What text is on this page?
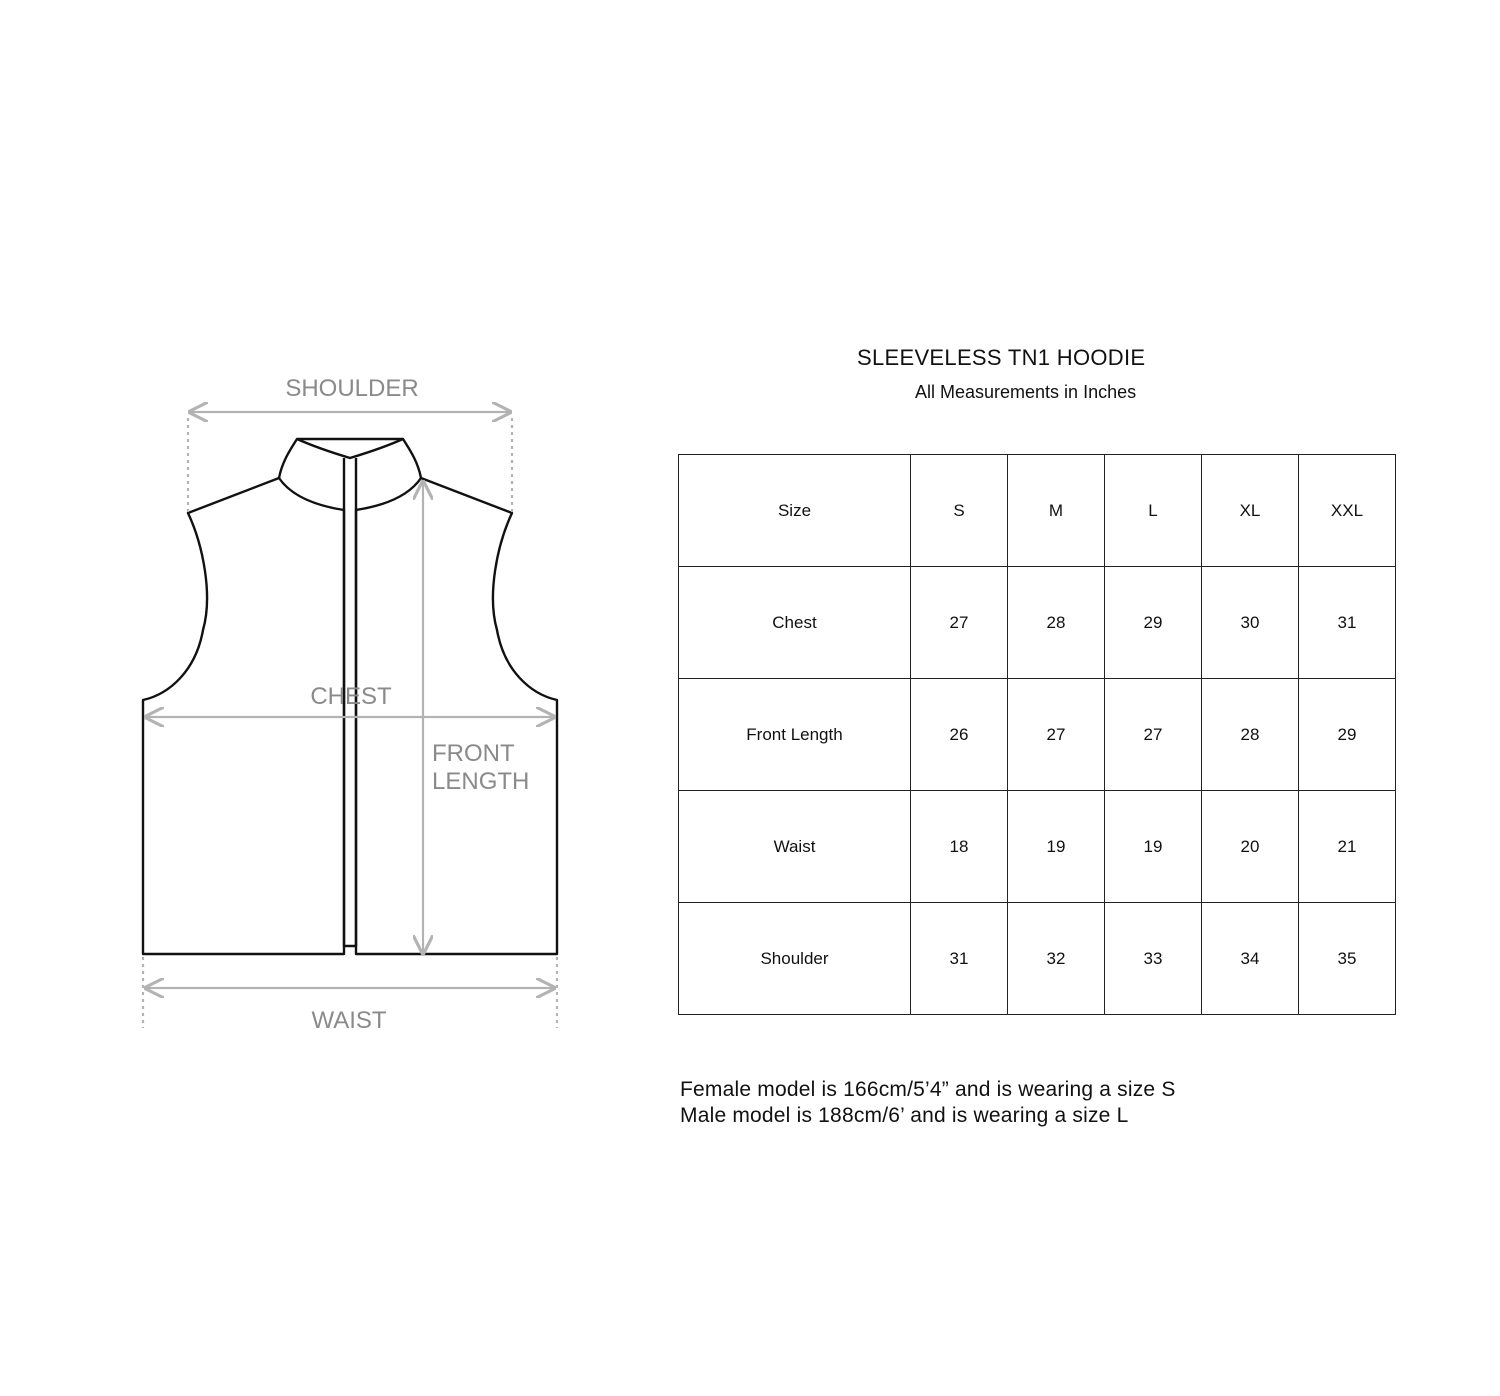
SHOULDER
CHEST
FRONT
LENGTH
WAIST
SLEEVELESS TN1 HOODIE
All Measurements in Inches
Size	S	M	L	XL	XXL
Chest	27	28	29	30	31
Front Length	26	27	27	28	29
Waist	18	19	19	20	21
Shoulder	31	32	33	34	35
Female model is 166cm/5’4” and is wearing a size S
Male model is 188cm/6’ and is wearing a size L
